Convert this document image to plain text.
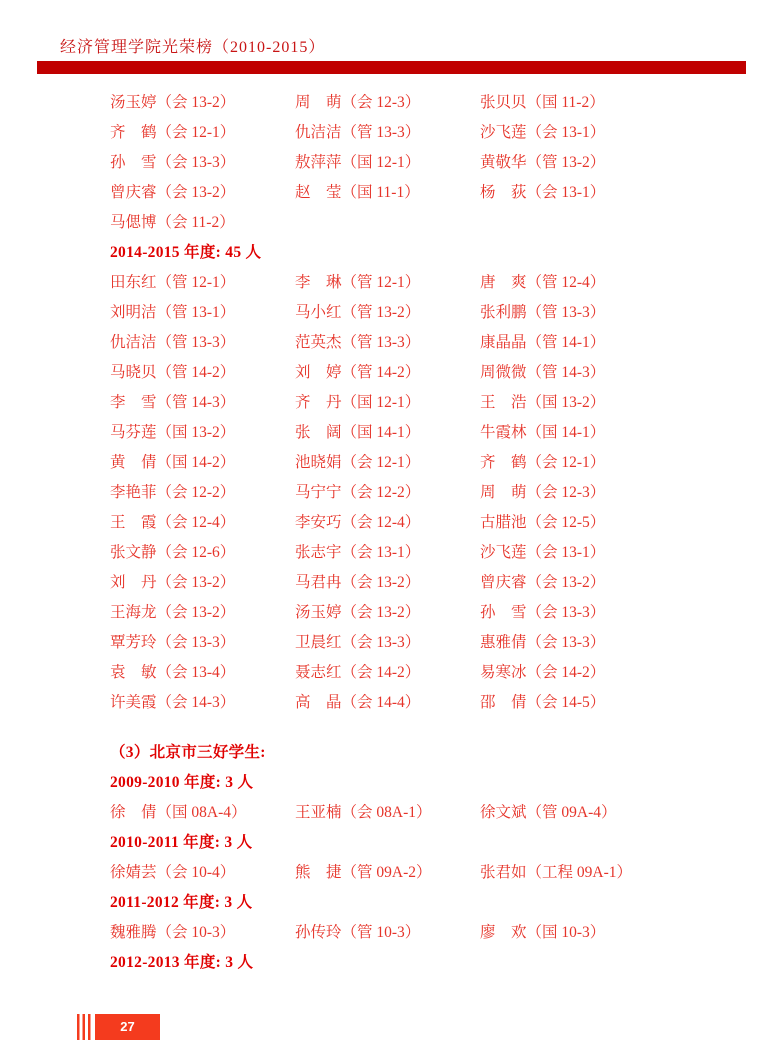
经济管理学院光荣榜（2010-2015）
汤玉婷（会 13-2）	周　萌（会 12-3）	张贝贝（国 11-2）
齐　鹤（会 12-1）	仇洁洁（管 13-3）	沙飞莲（会 13-1）
孙　雪（会 13-3）	敖萍萍（国 12-1）	黄敬华（管 13-2）
曾庆睿（会 13-2）	赵　莹（国 11-1）	杨　荻（会 13-1）
马偲博（会 11-2）
2014-2015 年度: 45 人
田东红（管 12-1）	李　琳（管 12-1）	唐　爽（管 12-4）
刘明洁（管 13-1）	马小红（管 13-2）	张利鹏（管 13-3）
仇洁洁（管 13-3）	范英杰（管 13-3）	康晶晶（管 14-1）
马晓贝（管 14-2）	刘　婷（管 14-2）	周微微（管 14-3）
李　雪（管 14-3）	齐　丹（国 12-1）	王　浩（国 13-2）
马芬莲（国 13-2）	张　阔（国 14-1）	牛霞林（国 14-1）
黄　倩（国 14-2）	池晓娟（会 12-1）	齐　鹤（会 12-1）
李艳菲（会 12-2）	马宁宁（会 12-2）	周　萌（会 12-3）
王　霞（会 12-4）	李安巧（会 12-4）	古腊池（会 12-5）
张文静（会 12-6）	张志宇（会 13-1）	沙飞莲（会 13-1）
刘　丹（会 13-2）	马君冉（会 13-2）	曾庆睿（会 13-2）
王海龙（会 13-2）	汤玉婷（会 13-2）	孙　雪（会 13-3）
覃芳玲（会 13-3）	卫晨红（会 13-3）	惠雅倩（会 13-3）
袁　敏（会 13-4）	聂志红（会 14-2）	易寒冰（会 14-2）
许美霞（会 14-3）	高　晶（会 14-4）	邵　倩（会 14-5）
（3）北京市三好学生:
2009-2010 年度: 3 人
徐　倩（国 08A-4）	王亚楠（会 08A-1）	徐文斌（管 09A-4）
2010-2011 年度: 3 人
徐婧芸（会 10-4）	熊　捷（管 09A-2）	张君如（工程 09A-1）
2011-2012 年度: 3 人
魏雅腾（会 10-3）	孙传玲（管 10-3）	廖　欢（国 10-3）
2012-2013 年度: 3 人
27
